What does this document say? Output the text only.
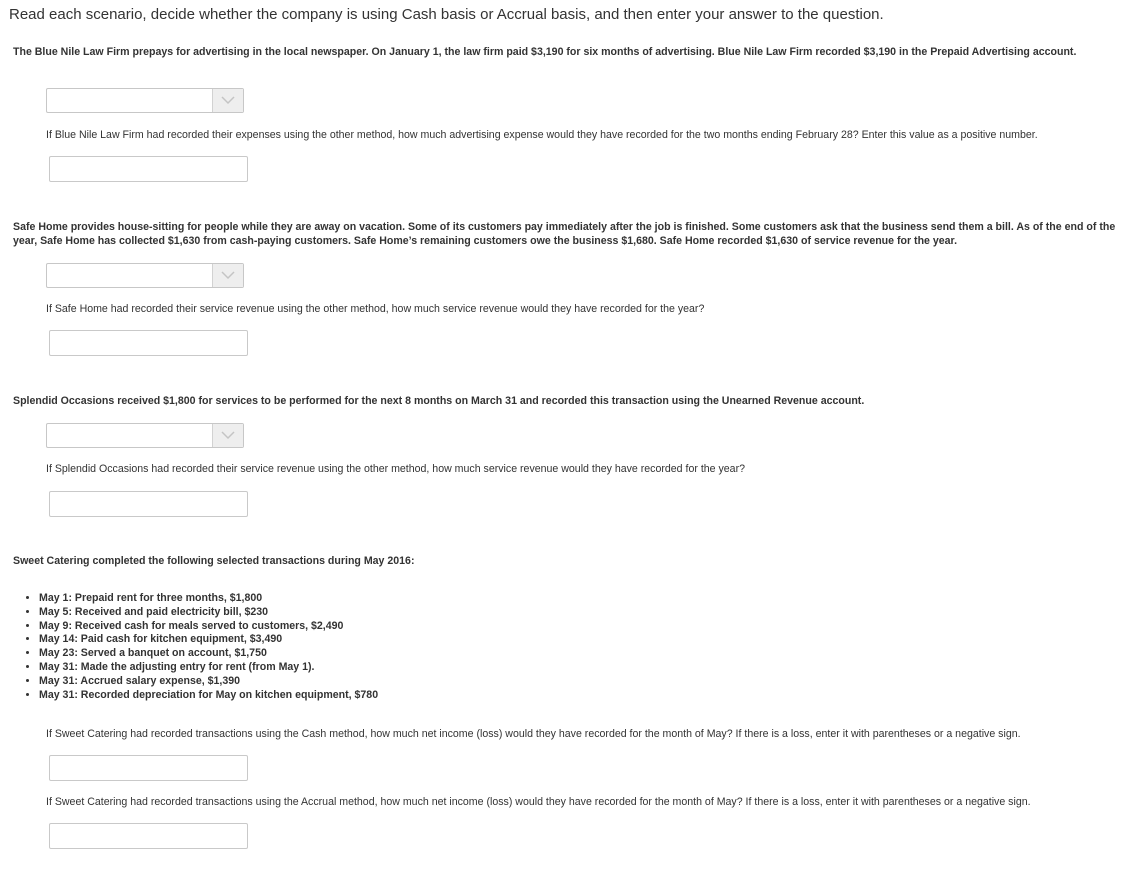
Read each scenario, decide whether the company is using Cash basis or Accrual basis, and then enter your answer to the question.

The Blue Nile Law Firm prepays for advertising in the local newspaper. On January 1, the law firm paid $3,190 for six months of advertising. Blue Nile Law Firm recorded $3,190 in the Prepaid Advertising account.

If Blue Nile Law Firm had recorded their expenses using the other method, how much advertising expense would they have recorded for the two months ending February 28? Enter this value as a positive number.

Safe Home provides house-sitting for people while they are away on vacation. Some of its customers pay immediately after the job is finished. Some customers ask that the business send them a bill. As of the end of the year, Safe Home has collected $1,630 from cash-paying customers. Safe Home’s remaining customers owe the business $1,680. Safe Home recorded $1,630 of service revenue for the year.

If Safe Home had recorded their service revenue using the other method, how much service revenue would they have recorded for the year?

Splendid Occasions received $1,800 for services to be performed for the next 8 months on March 31 and recorded this transaction using the Unearned Revenue account.

If Splendid Occasions had recorded their service revenue using the other method, how much service revenue would they have recorded for the year?

Sweet Catering completed the following selected transactions during May 2016:

• May 1: Prepaid rent for three months, $1,800
• May 5: Received and paid electricity bill, $230
• May 9: Received cash for meals served to customers, $2,490
• May 14: Paid cash for kitchen equipment, $3,490
• May 23: Served a banquet on account, $1,750
• May 31: Made the adjusting entry for rent (from May 1).
• May 31: Accrued salary expense, $1,390
• May 31: Recorded depreciation for May on kitchen equipment, $780

If Sweet Catering had recorded transactions using the Cash method, how much net income (loss) would they have recorded for the month of May? If there is a loss, enter it with parentheses or a negative sign.

If Sweet Catering had recorded transactions using the Accrual method, how much net income (loss) would they have recorded for the month of May? If there is a loss, enter it with parentheses or a negative sign.
